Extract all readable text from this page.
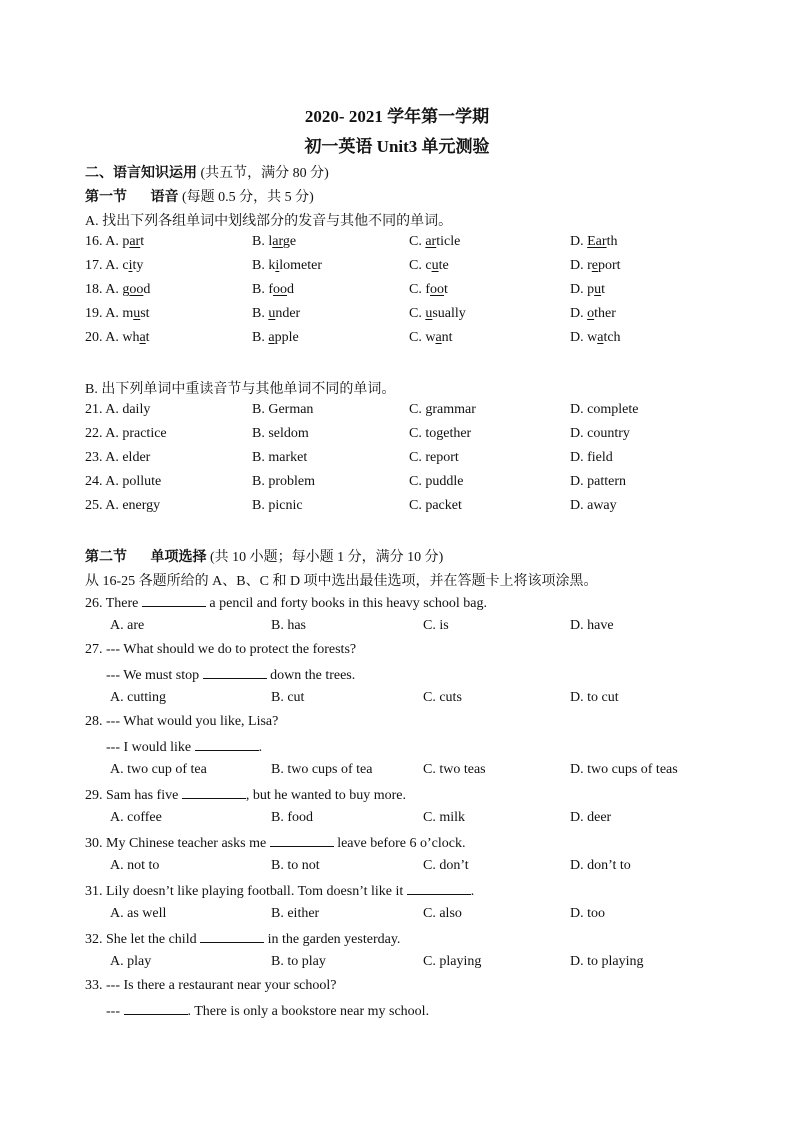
2020- 2021 学年第一学期
初一英语 Unit3 单元测验
二、语言知识运用 (共五节，满分 80 分)
第一节 语音 (每题 0.5 分，共 5 分)
A. 找出下列各组单词中划线部分的发音与其他不同的单词。
16. A. part	B. large	C. article	D. Earth
17. A. city	B. kilometer	C. cute	D. report
18. A. good	B. food	C. foot	D. put
19. A. must	B. under	C. usually	D. other
20. A. what	B. apple	C. want	D. watch
B. 出下列单词中重读音节与其他单词不同的单词。
21. A. daily	B. German	C. grammar	D. complete
22. A. practice	B. seldom	C. together	D. country
23. A. elder	B. market	C. report	D. field
24. A. pollute	B. problem	C. puddle	D. pattern
25. A. energy	B. picnic	C. packet	D. away
第二节 单项选择 (共 10 小题；每小题 1 分，满分 10 分)
从 16-25 各题所给的 A、B、C 和 D 项中选出最佳选项，并在答题卡上将该项涂黑。
26. There	a pencil and forty books in this heavy school bag.
A. are	B. has	C. is	D. have
27. --- What should we do to protect the forests?
--- We must stop	down the trees.
A. cutting	B. cut	C. cuts	D. to cut
28. --- What would you like, Lisa?
--- I would like	.
A. two cup of tea	B. two cups of tea	C. two teas	D. two cups of teas
29. Sam has five	, but he wanted to buy more.
A. coffee	B. food	C. milk	D. deer
30. My Chinese teacher asks me	leave before 6 o’clock.
A. not to	B. to not	C. don’t	D. don’t to
31. Lily doesn’t like playing football. Tom doesn’t like it	.
A. as well	B. either	C. also	D. too
32. She let the child	in the garden yesterday.
A. play	B. to play	C. playing	D. to playing
33. --- Is there a restaurant near your school?
---	. There is only a bookstore near my school.
